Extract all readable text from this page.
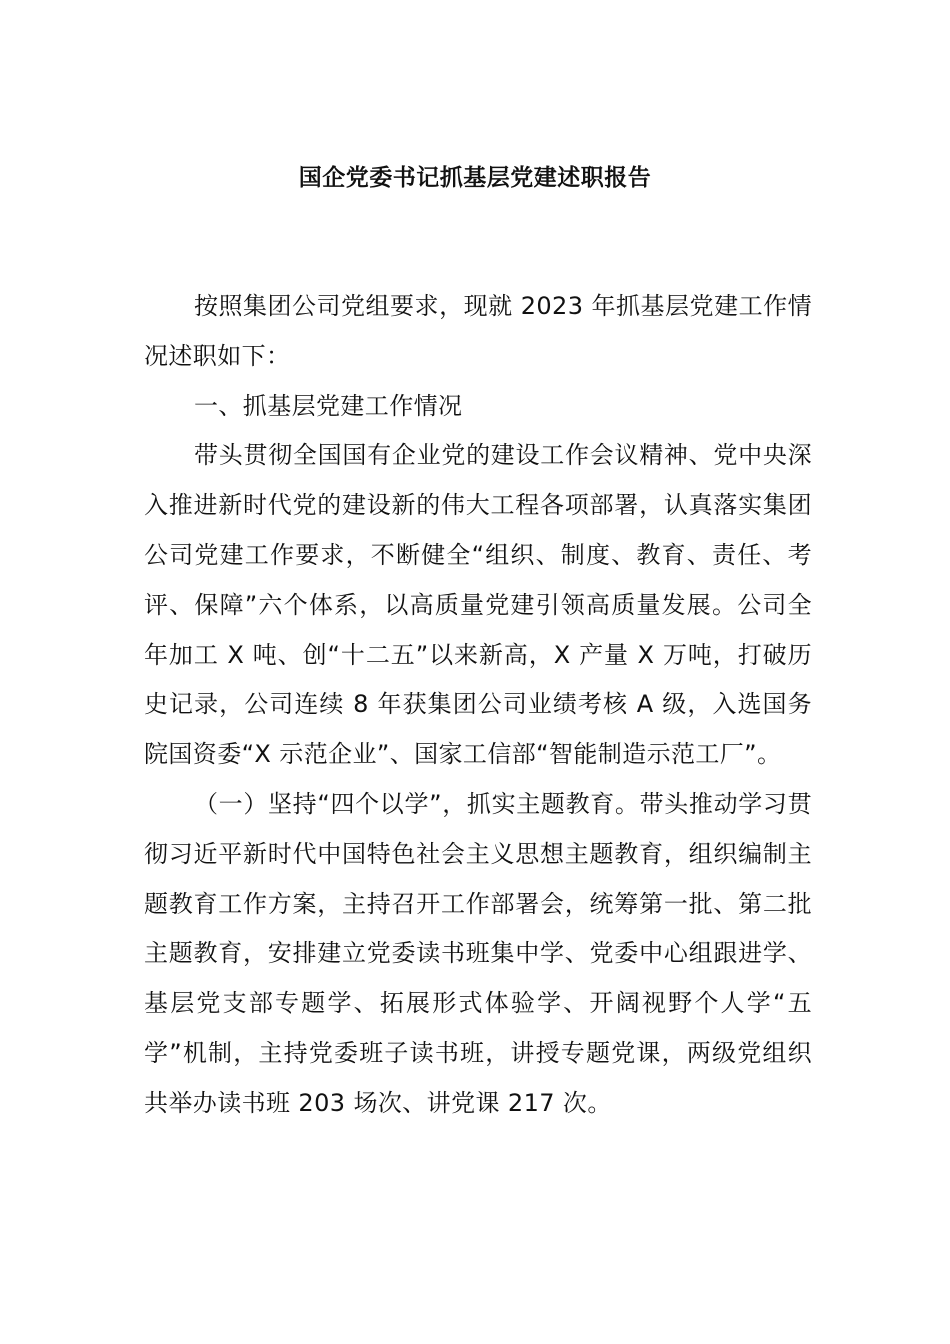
国企党委书记抓基层党建述职报告

按照集团公司党组要求，现就 2023 年抓基层党建工作情况述职如下：

一、抓基层党建工作情况

带头贯彻全国国有企业党的建设工作会议精神、党中央深入推进新时代党的建设新的伟大工程各项部署，认真落实集团公司党建工作要求，不断健全“组织、制度、教育、责任、考评、保障”六个体系，以高质量党建引领高质量发展。公司全年加工 X 吨、创“十二五”以来新高，X 产量 X 万吨，打破历史记录，公司连续 8 年获集团公司业绩考核 A 级，入选国务院国资委“X 示范企业”、国家工信部“智能制造示范工厂”。

（一）坚持“四个以学”，抓实主题教育。带头推动学习贯彻习近平新时代中国特色社会主义思想主题教育，组织编制主题教育工作方案，主持召开工作部署会，统筹第一批、第二批主题教育，安排建立党委读书班集中学、党委中心组跟进学、基层党支部专题学、拓展形式体验学、开阔视野个人学“五学”机制，主持党委班子读书班，讲授专题党课，两级党组织共举办读书班 203 场次、讲党课 217 次。
